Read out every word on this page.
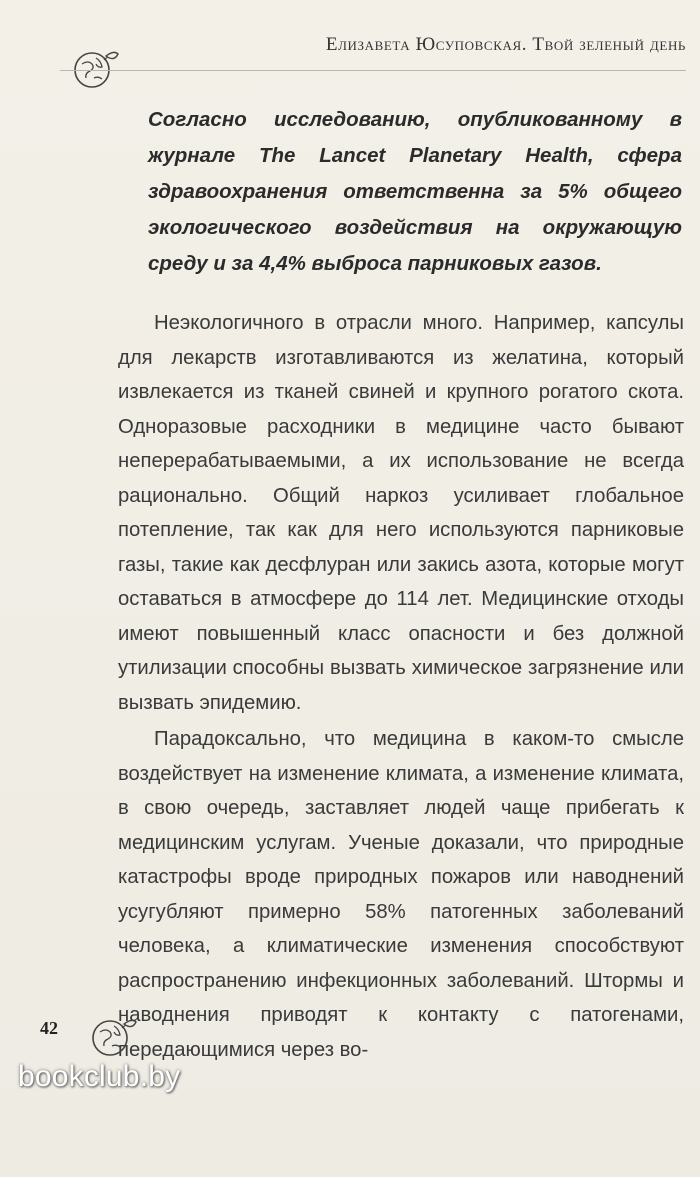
Елизавета Юсуповская. Твой зеленый день
Согласно исследованию, опубликованному в журнале The Lancet Planetary Health, сфера здравоохранения ответственна за 5% общего экологического воздействия на окружающую среду и за 4,4% выброса парниковых газов.

Неэкологичного в отрасли много. Например, капсулы для лекарств изготавливаются из желатина, который извлекается из тканей свиней и крупного рогатого скота. Одноразовые расходники в медицине часто бывают неперерабатываемыми, а их использование не всегда рационально. Общий наркоз усиливает глобальное потепление, так как для него используются парниковые газы, такие как десфлуран или закись азота, которые могут оставаться в атмосфере до 114 лет. Медицинские отходы имеют повышенный класс опасности и без должной утилизации способны вызвать химическое загрязнение или вызвать эпидемию.

Парадоксально, что медицина в каком-то смысле воздействует на изменение климата, а изменение климата, в свою очередь, заставляет людей чаще прибегать к медицинским услугам. Ученые доказали, что природные катастрофы вроде природных пожаров или наводнений усугубляют примерно 58% патогенных заболеваний человека, а климатические изменения способствуют распространению инфекционных заболеваний. Штормы и наводнения приводят к контакту с патогенами, передающимися через во-

42
bookclub.by
